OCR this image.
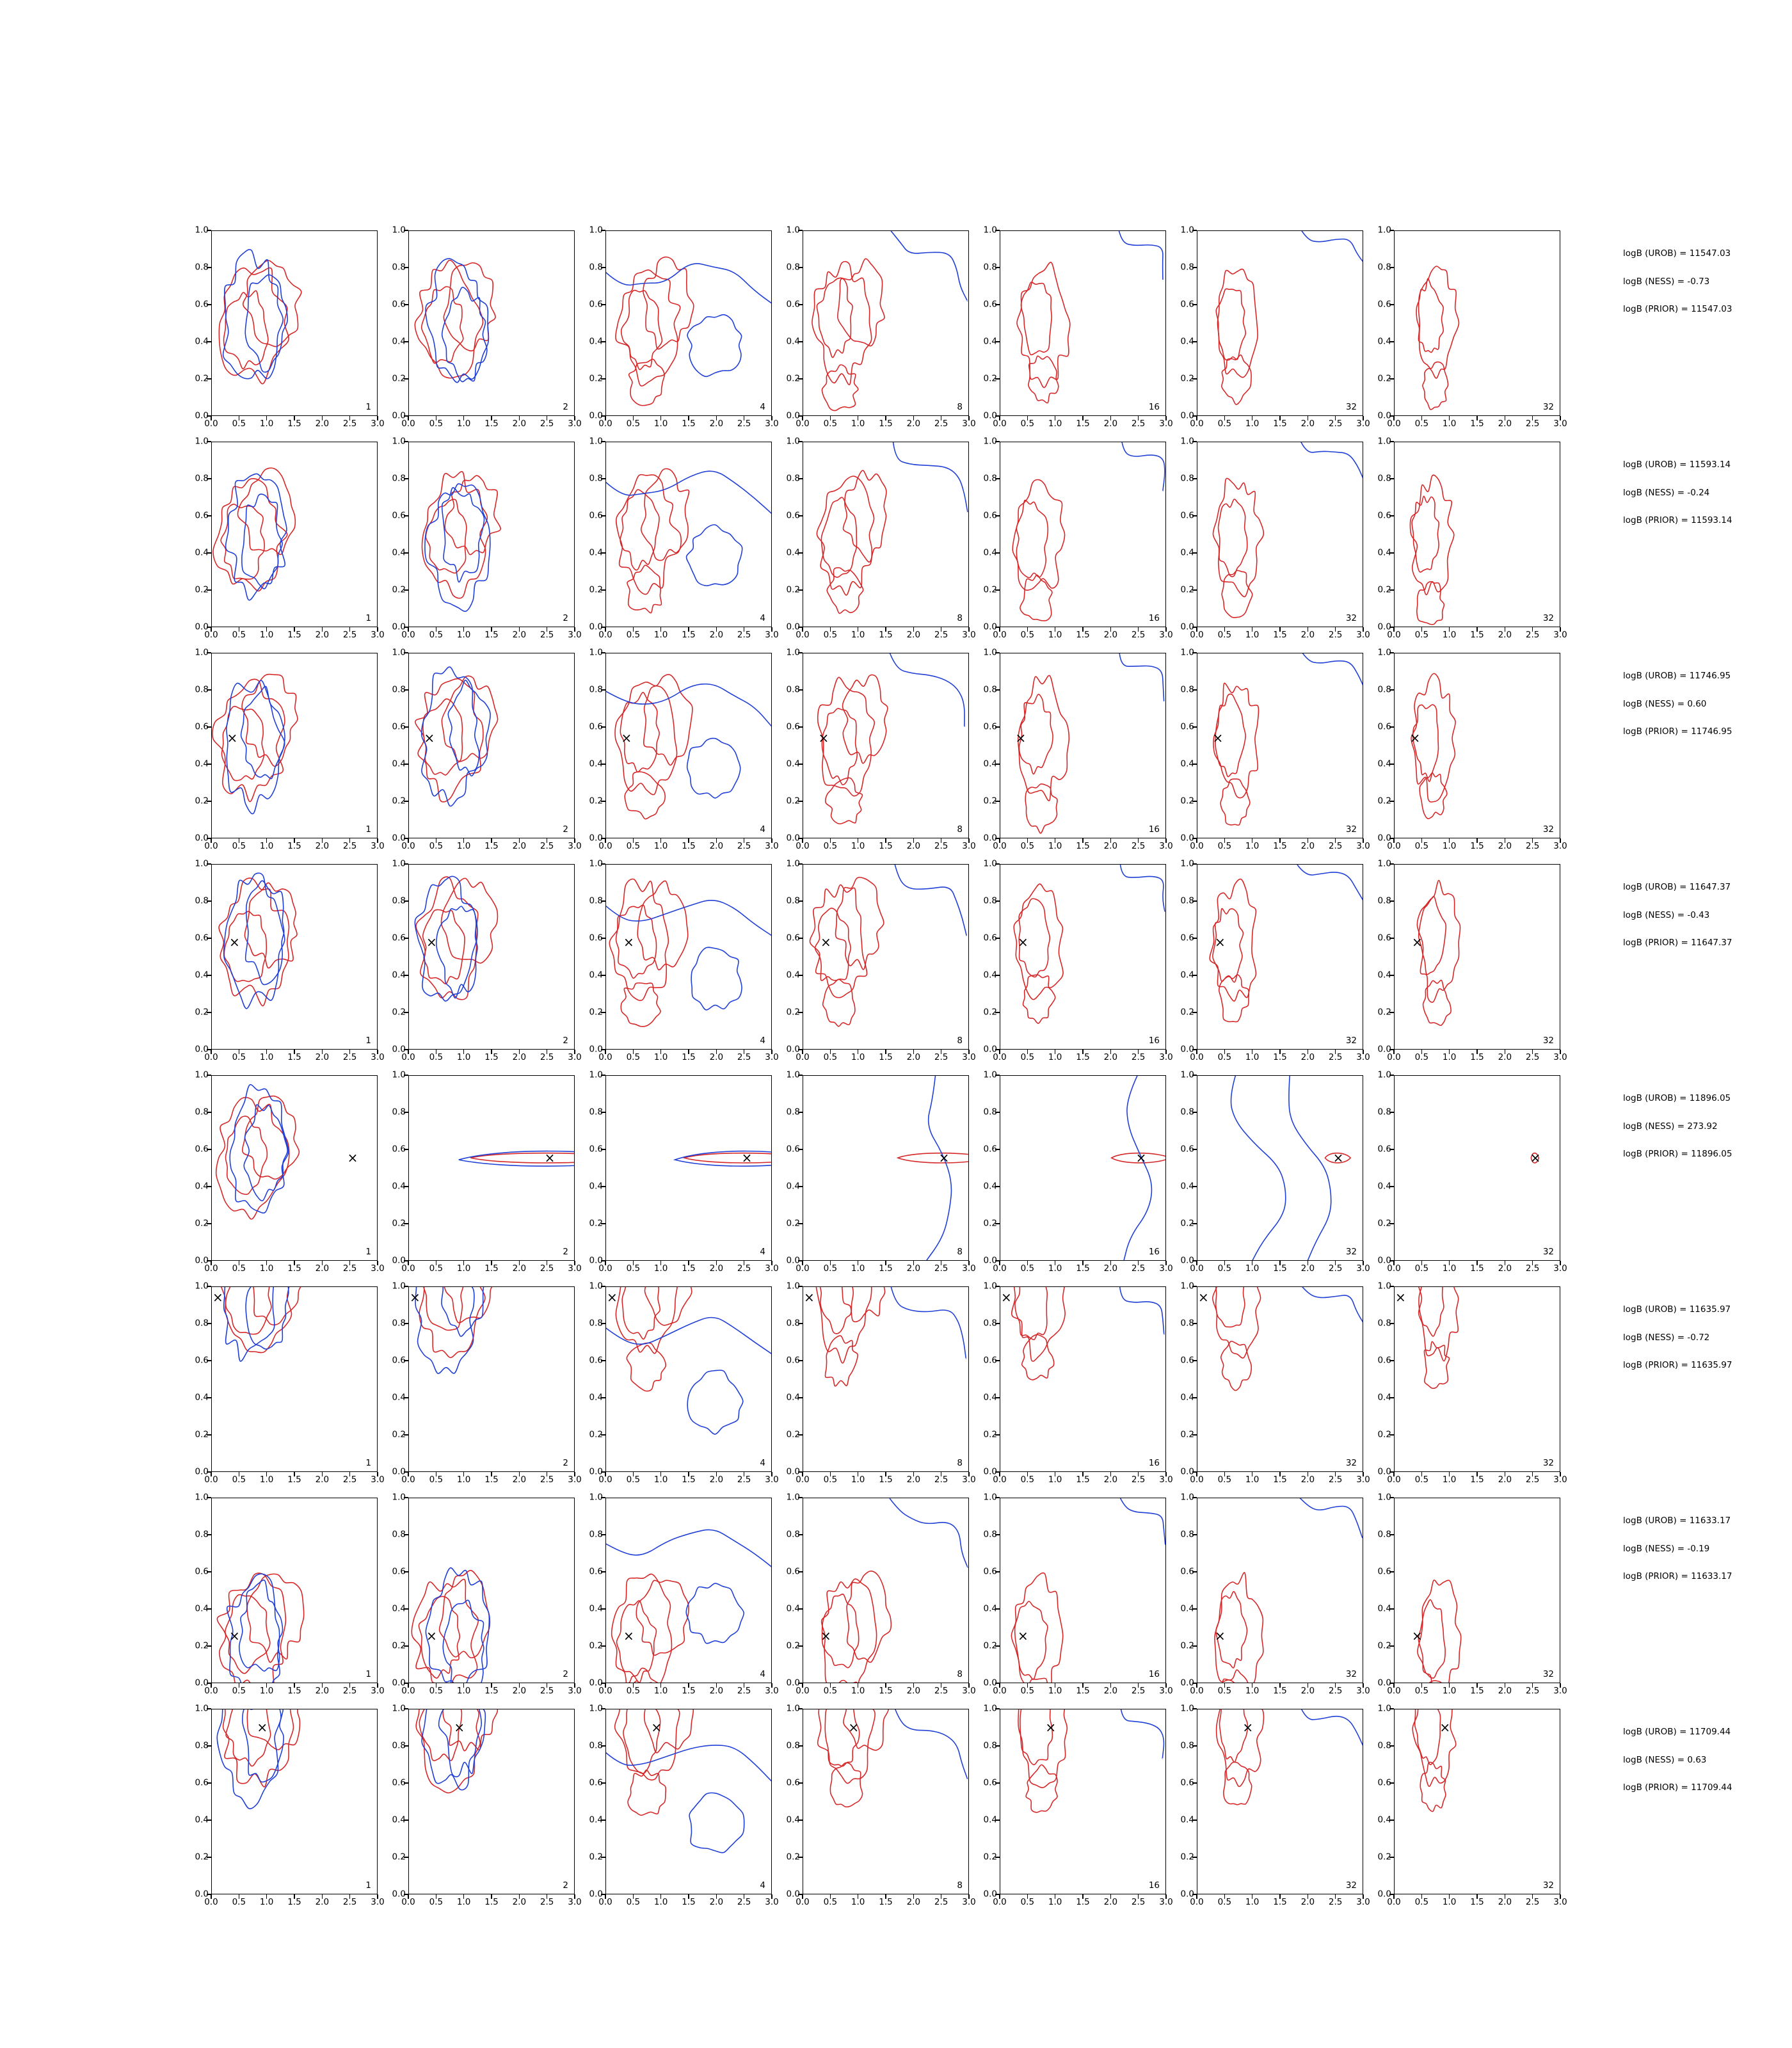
1
0.0
0.2
0.4
0.6
0.8
1.0
0.0 0.5 1.0 1.5 2.0 2.5 3.0
2
0.0
0.2
0.4
0.6
0.8
1.0
0.0 0.5 1.0 1.5 2.0 2.5 3.0
4
0.0
0.2
0.4
0.6
0.8
1.0
0.0 0.5 1.0 1.5 2.0 2.5 3.0
8
0.0
0.2
0.4
0.6
0.8
1.0
0.0 0.5 1.0 1.5 2.0 2.5 3.0
16
0.0
0.2
0.4
0.6
0.8
1.0
0.0 0.5 1.0 1.5 2.0 2.5 3.0
32
0.0
0.2
0.4
0.6
0.8
1.0
0.0 0.5 1.0 1.5 2.0 2.5 3.0
32
0.0
0.2
0.4
0.6
0.8
1.0
0.0 0.5 1.0 1.5 2.0 2.5 3.0
logB (UROB) = 11547.03
logB (NESS) = -0.73
logB (PRIOR) = 11547.03
1
0.0
0.2
0.4
0.6
0.8
1.0
0.0 0.5 1.0 1.5 2.0 2.5 3.0
2
0.0
0.2
0.4
0.6
0.8
1.0
0.0 0.5 1.0 1.5 2.0 2.5 3.0
4
0.0
0.2
0.4
0.6
0.8
1.0
0.0 0.5 1.0 1.5 2.0 2.5 3.0
8
0.0
0.2
0.4
0.6
0.8
1.0
0.0 0.5 1.0 1.5 2.0 2.5 3.0
16
0.0
0.2
0.4
0.6
0.8
1.0
0.0 0.5 1.0 1.5 2.0 2.5 3.0
32
0.0
0.2
0.4
0.6
0.8
1.0
0.0 0.5 1.0 1.5 2.0 2.5 3.0
32
0.0
0.2
0.4
0.6
0.8
1.0
0.0 0.5 1.0 1.5 2.0 2.5 3.0
logB (UROB) = 11593.14
logB (NESS) = -0.24
logB (PRIOR) = 11593.14
×
1
0.0
0.2
0.4
0.6
0.8
1.0
0.0 0.5 1.0 1.5 2.0 2.5 3.0
×
2
0.0
0.2
0.4
0.6
0.8
1.0
0.0 0.5 1.0 1.5 2.0 2.5 3.0
×
4
0.0
0.2
0.4
0.6
0.8
1.0
0.0 0.5 1.0 1.5 2.0 2.5 3.0
×
8
0.0
0.2
0.4
0.6
0.8
1.0
0.0 0.5 1.0 1.5 2.0 2.5 3.0
×
16
0.0
0.2
0.4
0.6
0.8
1.0
0.0 0.5 1.0 1.5 2.0 2.5 3.0
×
32
0.0
0.2
0.4
0.6
0.8
1.0
0.0 0.5 1.0 1.5 2.0 2.5 3.0
×
32
0.0
0.2
0.4
0.6
0.8
1.0
0.0 0.5 1.0 1.5 2.0 2.5 3.0
logB (UROB) = 11746.95
logB (NESS) = 0.60
logB (PRIOR) = 11746.95
×
1
0.0
0.2
0.4
0.6
0.8
1.0
0.0 0.5 1.0 1.5 2.0 2.5 3.0
×
2
0.0
0.2
0.4
0.6
0.8
1.0
0.0 0.5 1.0 1.5 2.0 2.5 3.0
×
4
0.0
0.2
0.4
0.6
0.8
1.0
0.0 0.5 1.0 1.5 2.0 2.5 3.0
×
8
0.0
0.2
0.4
0.6
0.8
1.0
0.0 0.5 1.0 1.5 2.0 2.5 3.0
×
16
0.0
0.2
0.4
0.6
0.8
1.0
0.0 0.5 1.0 1.5 2.0 2.5 3.0
×
32
0.0
0.2
0.4
0.6
0.8
1.0
0.0 0.5 1.0 1.5 2.0 2.5 3.0
×
32
0.0
0.2
0.4
0.6
0.8
1.0
0.0 0.5 1.0 1.5 2.0 2.5 3.0
logB (UROB) = 11647.37
logB (NESS) = -0.43
logB (PRIOR) = 11647.37
×
1
0.0
0.2
0.4
0.6
0.8
1.0
0.0 0.5 1.0 1.5 2.0 2.5 3.0
×
2
0.0
0.2
0.4
0.6
0.8
1.0
0.0 0.5 1.0 1.5 2.0 2.5 3.0
×
4
0.0
0.2
0.4
0.6
0.8
1.0
0.0 0.5 1.0 1.5 2.0 2.5 3.0
×
8
0.0
0.2
0.4
0.6
0.8
1.0
0.0 0.5 1.0 1.5 2.0 2.5 3.0
×
16
0.0
0.2
0.4
0.6
0.8
1.0
0.0 0.5 1.0 1.5 2.0 2.5 3.0
×
32
0.0
0.2
0.4
0.6
0.8
1.0
0.0 0.5 1.0 1.5 2.0 2.5 3.0
×
32
0.0
0.2
0.4
0.6
0.8
1.0
0.0 0.5 1.0 1.5 2.0 2.5 3.0
logB (UROB) = 11896.05
logB (NESS) = 273.92
logB (PRIOR) = 11896.05
×
1
0.0
0.2
0.4
0.6
0.8
1.0
0.0 0.5 1.0 1.5 2.0 2.5 3.0
×
2
0.0
0.2
0.4
0.6
0.8
1.0
0.0 0.5 1.0 1.5 2.0 2.5 3.0
×
4
0.0
0.2
0.4
0.6
0.8
1.0
0.0 0.5 1.0 1.5 2.0 2.5 3.0
×
8
0.0
0.2
0.4
0.6
0.8
1.0
0.0 0.5 1.0 1.5 2.0 2.5 3.0
×
16
0.0
0.2
0.4
0.6
0.8
1.0
0.0 0.5 1.0 1.5 2.0 2.5 3.0
×
32
0.0
0.2
0.4
0.6
0.8
1.0
0.0 0.5 1.0 1.5 2.0 2.5 3.0
×
32
0.0
0.2
0.4
0.6
0.8
1.0
0.0 0.5 1.0 1.5 2.0 2.5 3.0
logB (UROB) = 11635.97
logB (NESS) = -0.72
logB (PRIOR) = 11635.97
×
1
0.0
0.2
0.4
0.6
0.8
1.0
0.0 0.5 1.0 1.5 2.0 2.5 3.0
×
2
0.0
0.2
0.4
0.6
0.8
1.0
0.0 0.5 1.0 1.5 2.0 2.5 3.0
×
4
0.0
0.2
0.4
0.6
0.8
1.0
0.0 0.5 1.0 1.5 2.0 2.5 3.0
×
8
0.0
0.2
0.4
0.6
0.8
1.0
0.0 0.5 1.0 1.5 2.0 2.5 3.0
×
16
0.0
0.2
0.4
0.6
0.8
1.0
0.0 0.5 1.0 1.5 2.0 2.5 3.0
×
32
0.0
0.2
0.4
0.6
0.8
1.0
0.0 0.5 1.0 1.5 2.0 2.5 3.0
×
32
0.0
0.2
0.4
0.6
0.8
1.0
0.0 0.5 1.0 1.5 2.0 2.5 3.0
logB (UROB) = 11633.17
logB (NESS) = -0.19
logB (PRIOR) = 11633.17
×
1
0.0
0.2
0.4
0.6
0.8
1.0
0.0 0.5 1.0 1.5 2.0 2.5 3.0
×
2
0.0
0.2
0.4
0.6
0.8
1.0
0.0 0.5 1.0 1.5 2.0 2.5 3.0
×
4
0.0
0.2
0.4
0.6
0.8
1.0
0.0 0.5 1.0 1.5 2.0 2.5 3.0
×
8
0.0
0.2
0.4
0.6
0.8
1.0
0.0 0.5 1.0 1.5 2.0 2.5 3.0
×
16
0.0
0.2
0.4
0.6
0.8
1.0
0.0 0.5 1.0 1.5 2.0 2.5 3.0
×
32
0.0
0.2
0.4
0.6
0.8
1.0
0.0 0.5 1.0 1.5 2.0 2.5 3.0
×
32
0.0
0.2
0.4
0.6
0.8
1.0
0.0 0.5 1.0 1.5 2.0 2.5 3.0
logB (UROB) = 11709.44
logB (NESS) = 0.63
logB (PRIOR) = 11709.44
